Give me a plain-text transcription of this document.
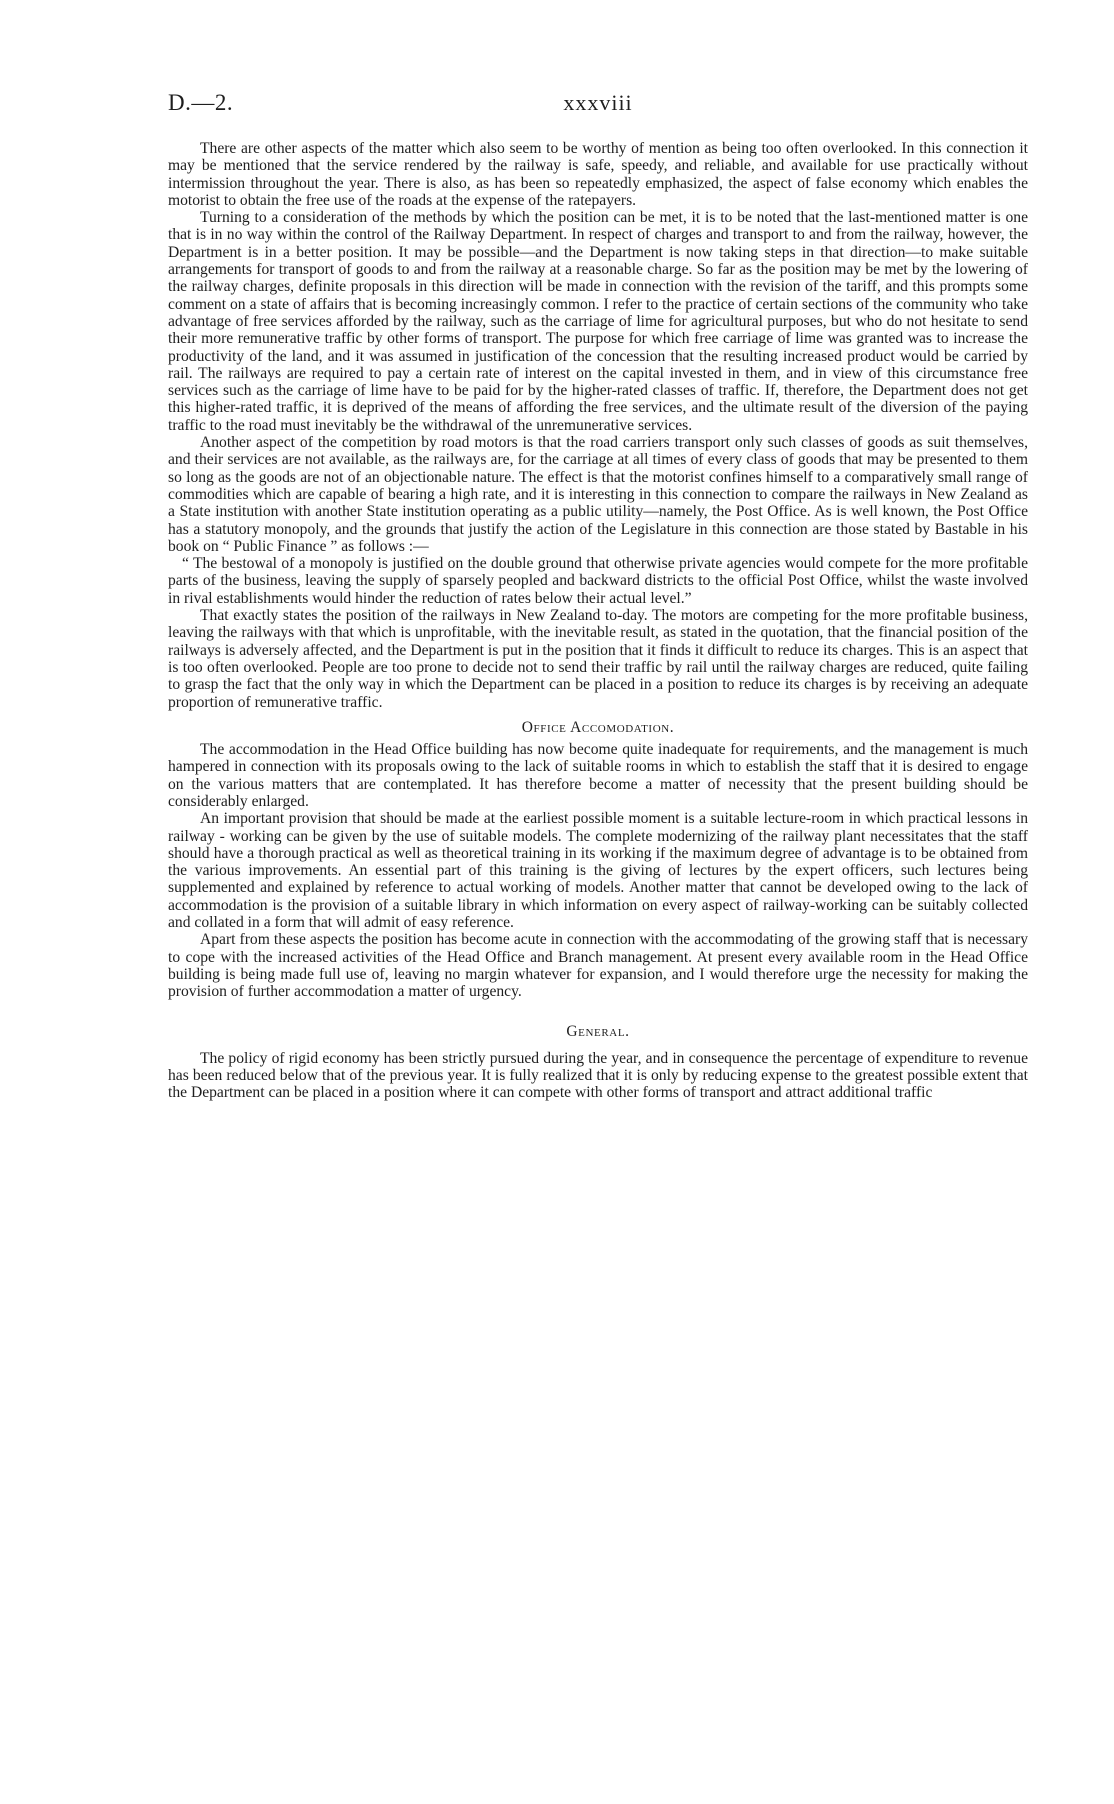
D.—2.	xxxviii

There are other aspects of the matter which also seem to be worthy of mention as being too often overlooked. In this connection it may be mentioned that the service rendered by the railway is safe, speedy, and reliable, and available for use practically without intermission throughout the year. There is also, as has been so repeatedly emphasized, the aspect of false economy which enables the motorist to obtain the free use of the roads at the expense of the ratepayers.

Turning to a consideration of the methods by which the position can be met, it is to be noted that the last-mentioned matter is one that is in no way within the control of the Railway Department. In respect of charges and transport to and from the railway, however, the Department is in a better position. It may be possible—and the Department is now taking steps in that direction—to make suitable arrangements for transport of goods to and from the railway at a reasonable charge. So far as the position may be met by the lowering of the railway charges, definite proposals in this direction will be made in connection with the revision of the tariff, and this prompts some comment on a state of affairs that is becoming increasingly common. I refer to the practice of certain sections of the community who take advantage of free services afforded by the railway, such as the carriage of lime for agricultural purposes, but who do not hesitate to send their more remunerative traffic by other forms of transport. The purpose for which free carriage of lime was granted was to increase the productivity of the land, and it was assumed in justification of the concession that the resulting increased product would be carried by rail. The railways are required to pay a certain rate of interest on the capital invested in them, and in view of this circumstance free services such as the carriage of lime have to be paid for by the higher-rated classes of traffic. If, therefore, the Department does not get this higher-rated traffic, it is deprived of the means of affording the free services, and the ultimate result of the diversion of the paying traffic to the road must inevitably be the withdrawal of the unremunerative services.

Another aspect of the competition by road motors is that the road carriers transport only such classes of goods as suit themselves, and their services are not available, as the railways are, for the carriage at all times of every class of goods that may be presented to them so long as the goods are not of an objectionable nature. The effect is that the motorist confines himself to a comparatively small range of commodities which are capable of bearing a high rate, and it is interesting in this connection to compare the railways in New Zealand as a State institution with another State institution operating as a public utility—namely, the Post Office. As is well known, the Post Office has a statutory monopoly, and the grounds that justify the action of the Legislature in this connection are those stated by Bastable in his book on “ Public Finance ” as follows :—

“ The bestowal of a monopoly is justified on the double ground that otherwise private agencies would compete for the more profitable parts of the business, leaving the supply of sparsely peopled and backward districts to the official Post Office, whilst the waste involved in rival establishments would hinder the reduction of rates below their actual level.”

That exactly states the position of the railways in New Zealand to-day. The motors are competing for the more profitable business, leaving the railways with that which is unprofitable, with the inevitable result, as stated in the quotation, that the financial position of the railways is adversely affected, and the Department is put in the position that it finds it difficult to reduce its charges. This is an aspect that is too often overlooked. People are too prone to decide not to send their traffic by rail until the railway charges are reduced, quite failing to grasp the fact that the only way in which the Department can be placed in a position to reduce its charges is by receiving an adequate proportion of remunerative traffic.

Office Accomodation.

The accommodation in the Head Office building has now become quite inadequate for requirements, and the management is much hampered in connection with its proposals owing to the lack of suitable rooms in which to establish the staff that it is desired to engage on the various matters that are contemplated. It has therefore become a matter of necessity that the present building should be considerably enlarged.

An important provision that should be made at the earliest possible moment is a suitable lecture-room in which practical lessons in railway - working can be given by the use of suitable models. The complete modernizing of the railway plant necessitates that the staff should have a thorough practical as well as theoretical training in its working if the maximum degree of advantage is to be obtained from the various improvements. An essential part of this training is the giving of lectures by the expert officers, such lectures being supplemented and explained by reference to actual working of models. Another matter that cannot be developed owing to the lack of accommodation is the provision of a suitable library in which information on every aspect of railway-working can be suitably collected and collated in a form that will admit of easy reference.

Apart from these aspects the position has become acute in connection with the accommodating of the growing staff that is necessary to cope with the increased activities of the Head Office and Branch management. At present every available room in the Head Office building is being made full use of, leaving no margin whatever for expansion, and I would therefore urge the necessity for making the provision of further accommodation a matter of urgency.

General.

The policy of rigid economy has been strictly pursued during the year, and in consequence the percentage of expenditure to revenue has been reduced below that of the previous year. It is fully realized that it is only by reducing expense to the greatest possible extent that the Department can be placed in a position where it can compete with other forms of transport and attract additional traffic
